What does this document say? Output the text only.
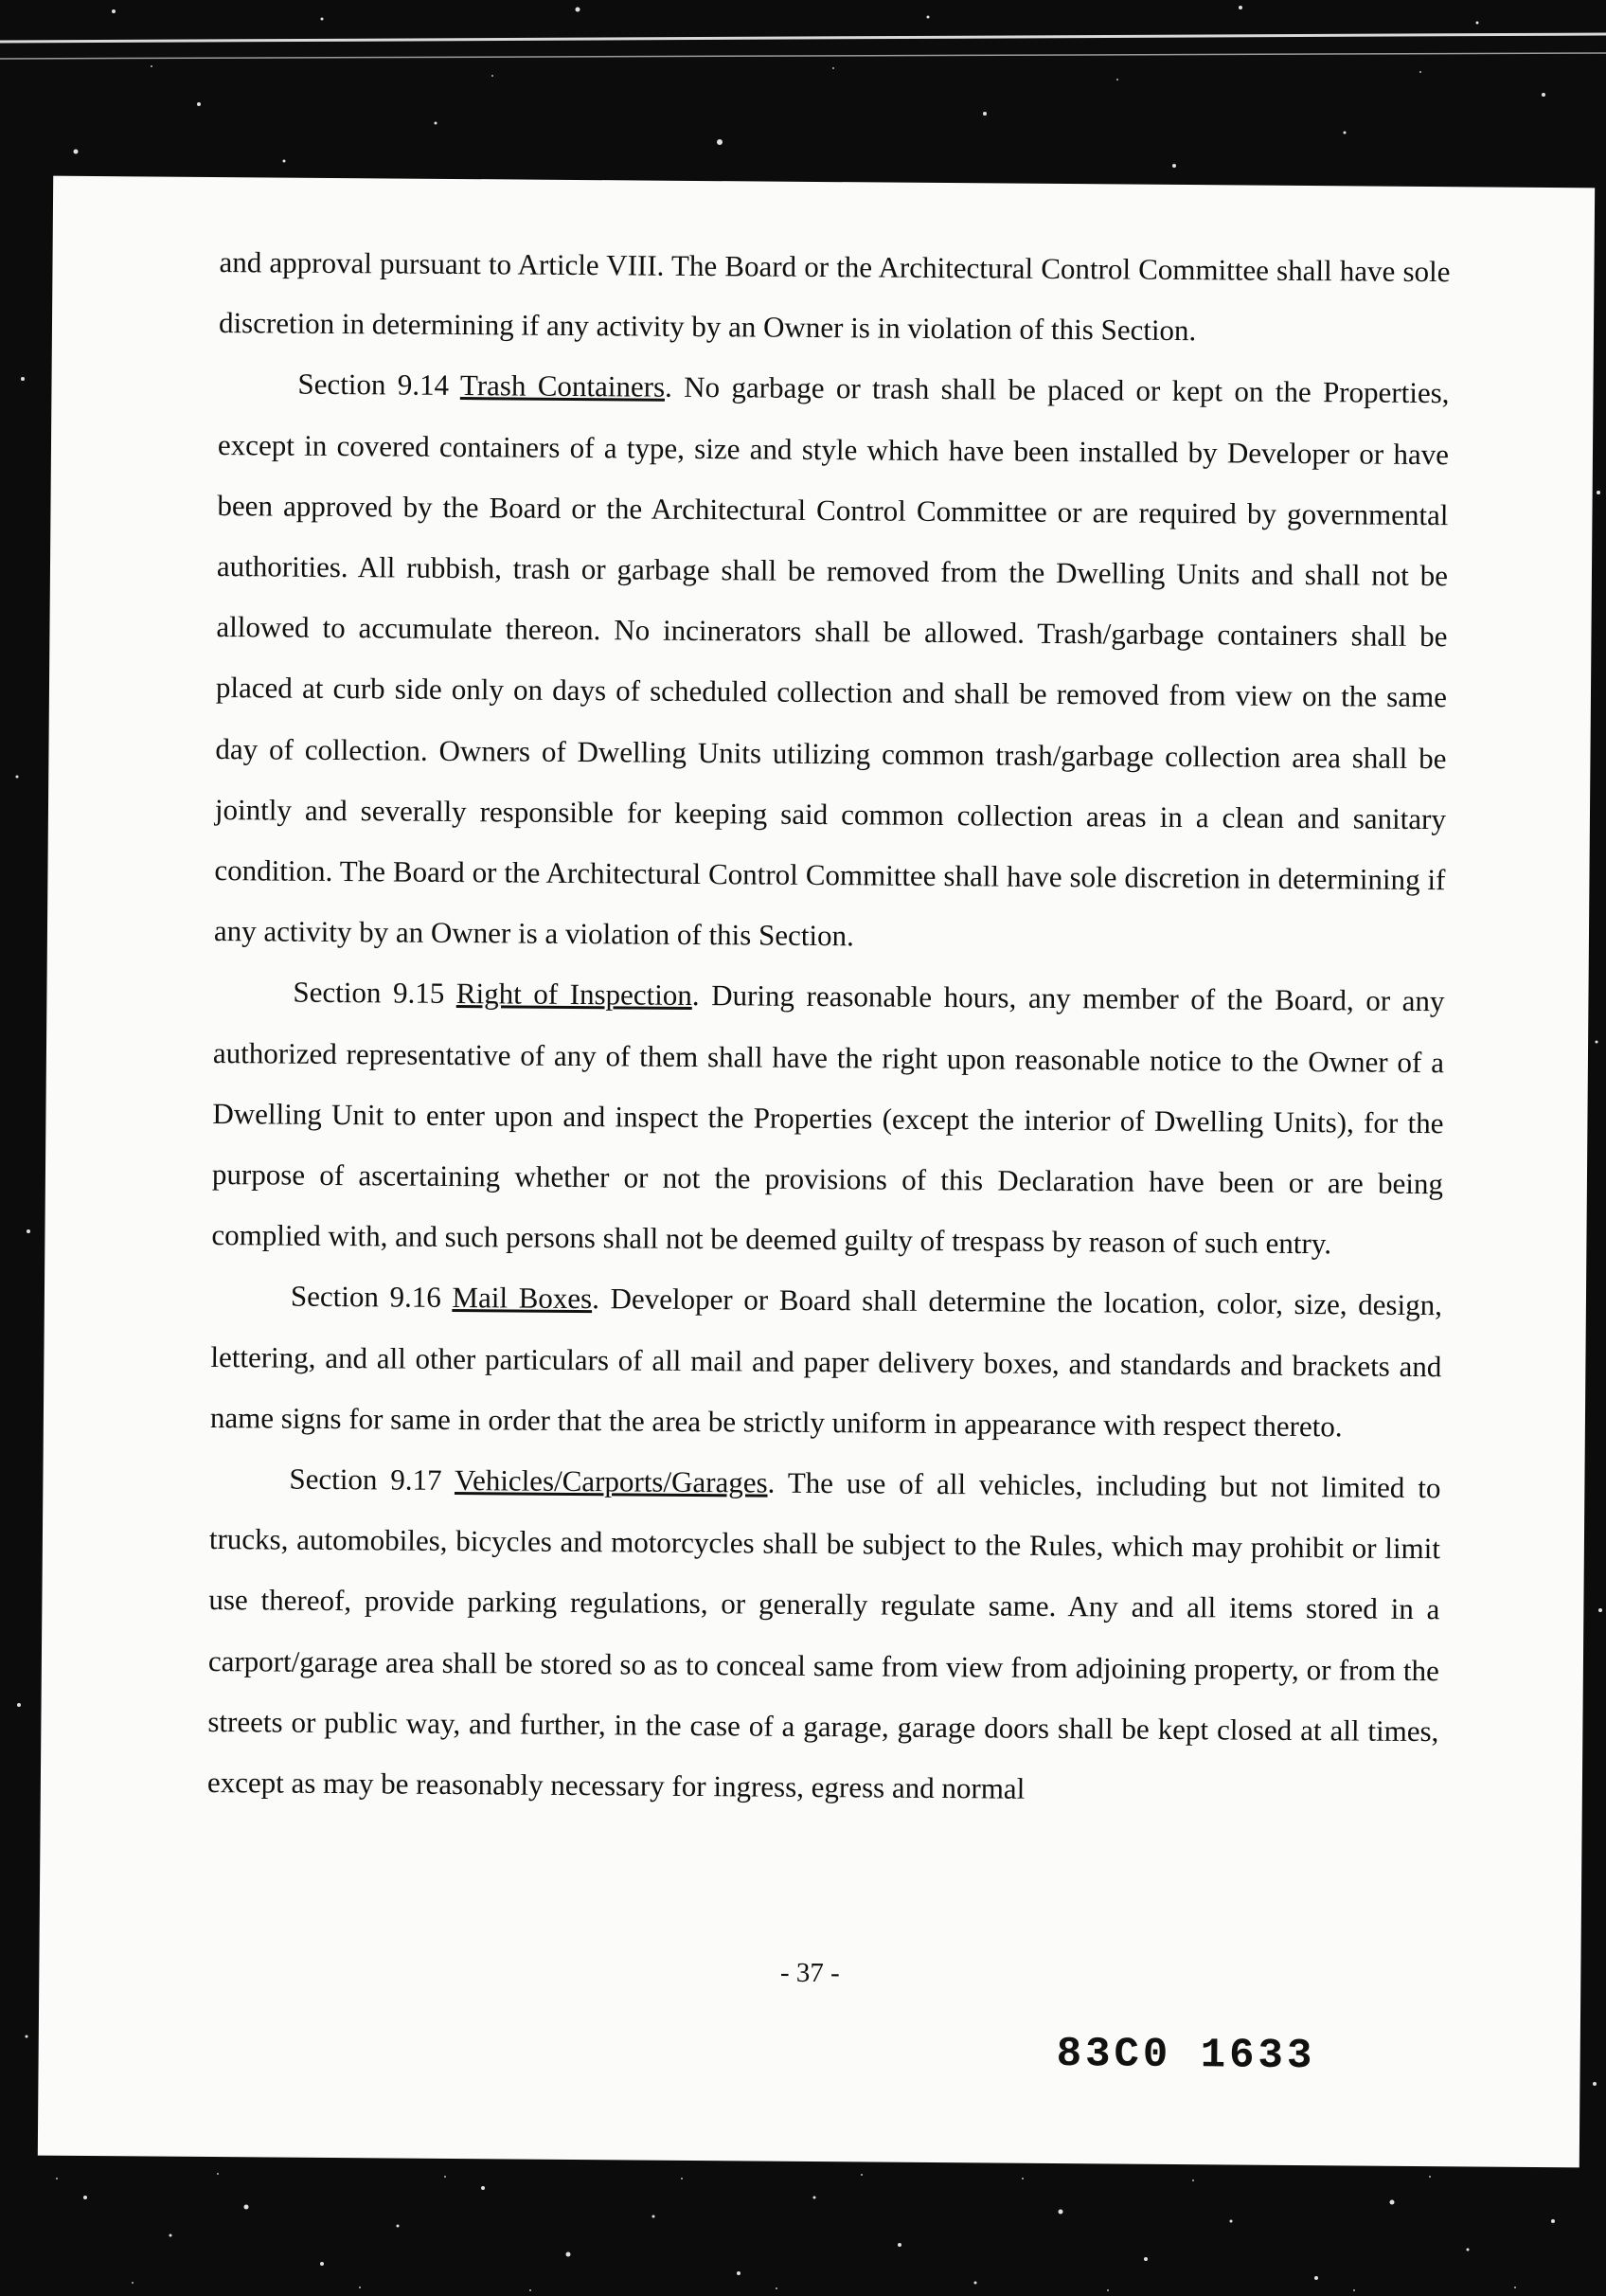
and approval pursuant to Article VIII. The Board or the Architectural Control Committee shall have sole discretion in determining if any activity by an Owner is in violation of this Section.

Section 9.14 Trash Containers. No garbage or trash shall be placed or kept on the Properties, except in covered containers of a type, size and style which have been installed by Developer or have been approved by the Board or the Architectural Control Committee or are required by governmental authorities. All rubbish, trash or garbage shall be removed from the Dwelling Units and shall not be allowed to accumulate thereon. No incinerators shall be allowed. Trash/garbage containers shall be placed at curb side only on days of scheduled collection and shall be removed from view on the same day of collection. Owners of Dwelling Units utilizing common trash/garbage collection area shall be jointly and severally responsible for keeping said common collection areas in a clean and sanitary condition. The Board or the Architectural Control Committee shall have sole discretion in determining if any activity by an Owner is a violation of this Section.

Section 9.15 Right of Inspection. During reasonable hours, any member of the Board, or any authorized representative of any of them shall have the right upon reasonable notice to the Owner of a Dwelling Unit to enter upon and inspect the Properties (except the interior of Dwelling Units), for the purpose of ascertaining whether or not the provisions of this Declaration have been or are being complied with, and such persons shall not be deemed guilty of trespass by reason of such entry.

Section 9.16 Mail Boxes. Developer or Board shall determine the location, color, size, design, lettering, and all other particulars of all mail and paper delivery boxes, and standards and brackets and name signs for same in order that the area be strictly uniform in appearance with respect thereto.

Section 9.17 Vehicles/Carports/Garages. The use of all vehicles, including but not limited to trucks, automobiles, bicycles and motorcycles shall be subject to the Rules, which may prohibit or limit use thereof, provide parking regulations, or generally regulate same. Any and all items stored in a carport/garage area shall be stored so as to conceal same from view from adjoining property, or from the streets or public way, and further, in the case of a garage, garage doors shall be kept closed at all times, except as may be reasonably necessary for ingress, egress and normal

- 37 -
83C0 1633
